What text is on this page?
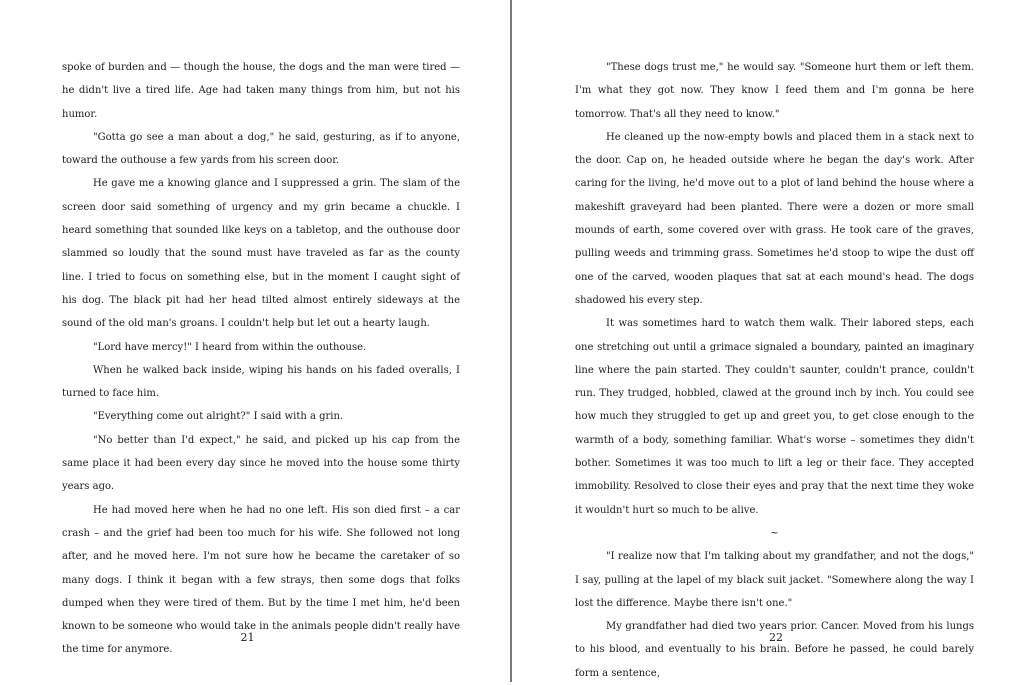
spoke of burden and — though the house, the dogs and the man were tired — he didn't live a tired life. Age had taken many things from him, but not his humor.

"Gotta go see a man about a dog," he said, gesturing, as if to anyone, toward the outhouse a few yards from his screen door.

He gave me a knowing glance and I suppressed a grin. The slam of the screen door said something of urgency and my grin became a chuckle. I heard something that sounded like keys on a tabletop, and the outhouse door slammed so loudly that the sound must have traveled as far as the county line. I tried to focus on something else, but in the moment I caught sight of his dog. The black pit had her head tilted almost entirely sideways at the sound of the old man's groans. I couldn't help but let out a hearty laugh.

"Lord have mercy!" I heard from within the outhouse.

When he walked back inside, wiping his hands on his faded overalls, I turned to face him.

"Everything come out alright?" I said with a grin.

"No better than I'd expect," he said, and picked up his cap from the same place it had been every day since he moved into the house some thirty years ago.

He had moved here when he had no one left. His son died first – a car crash – and the grief had been too much for his wife. She followed not long after, and he moved here. I'm not sure how he became the caretaker of so many dogs. I think it began with a few strays, then some dogs that folks dumped when they were tired of them. But by the time I met him, he'd been known to be someone who would take in the animals people didn't really have the time for anymore.

21

"These dogs trust me," he would say. "Someone hurt them or left them. I'm what they got now. They know I feed them and I'm gonna be here tomorrow. That's all they need to know."

He cleaned up the now-empty bowls and placed them in a stack next to the door. Cap on, he headed outside where he began the day's work. After caring for the living, he'd move out to a plot of land behind the house where a makeshift graveyard had been planted. There were a dozen or more small mounds of earth, some covered over with grass. He took care of the graves, pulling weeds and trimming grass. Sometimes he'd stoop to wipe the dust off one of the carved, wooden plaques that sat at each mound's head. The dogs shadowed his every step.

It was sometimes hard to watch them walk. Their labored steps, each one stretching out until a grimace signaled a boundary, painted an imaginary line where the pain started. They couldn't saunter, couldn't prance, couldn't run. They trudged, hobbled, clawed at the ground inch by inch. You could see how much they struggled to get up and greet you, to get close enough to the warmth of a body, something familiar. What's worse – sometimes they didn't bother. Sometimes it was too much to lift a leg or their face. They accepted immobility. Resolved to close their eyes and pray that the next time they woke it wouldn't hurt so much to be alive.

~

"I realize now that I'm talking about my grandfather, and not the dogs," I say, pulling at the lapel of my black suit jacket. "Somewhere along the way I lost the difference. Maybe there isn't one."

My grandfather had died two years prior. Cancer. Moved from his lungs to his blood, and eventually to his brain. Before he passed, he could barely form a sentence,

22
